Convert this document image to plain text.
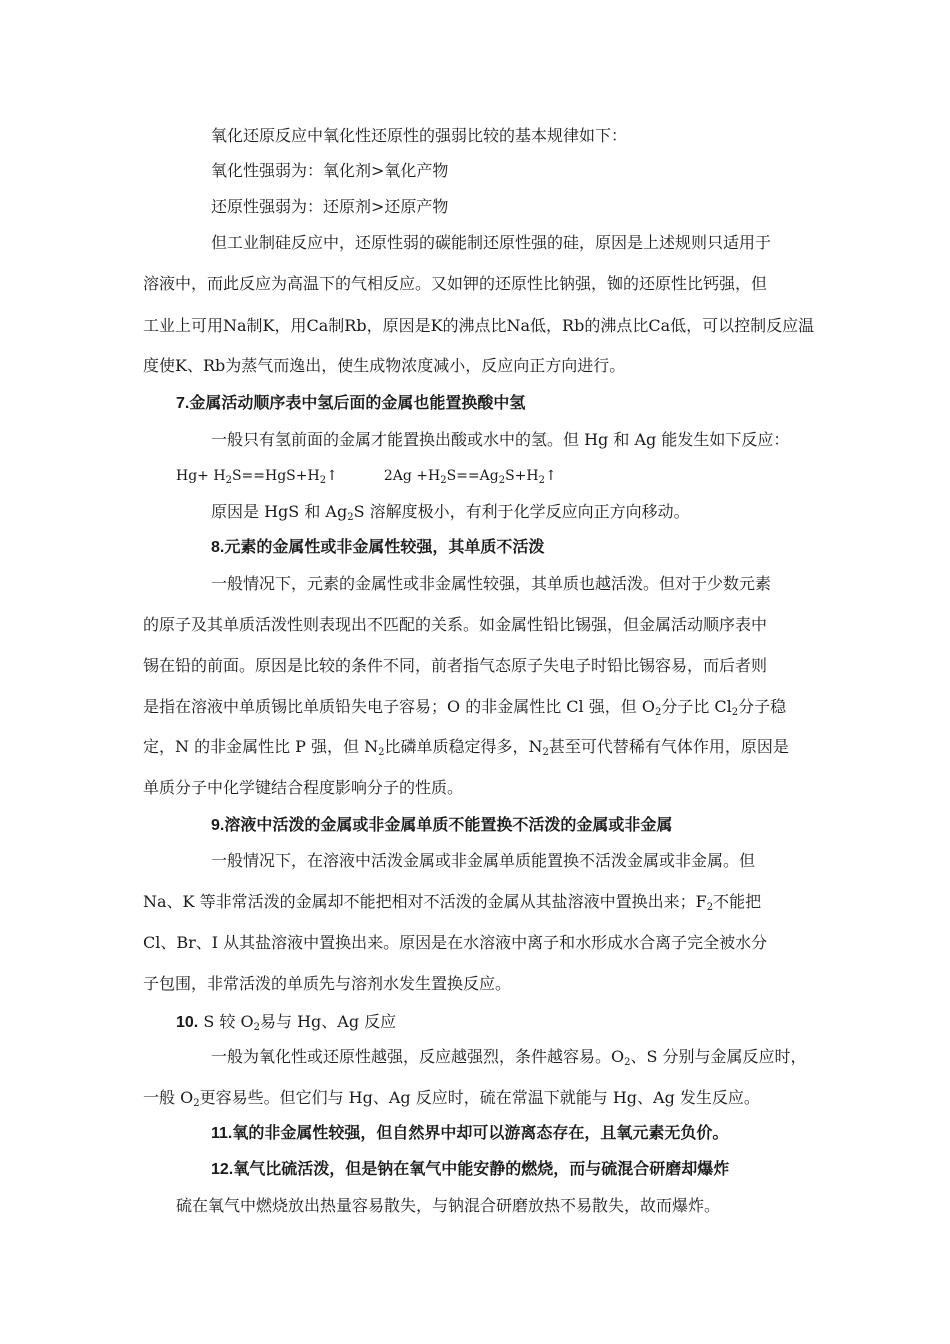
氧化还原反应中氧化性还原性的强弱比较的基本规律如下：
氧化性强弱为：氧化剂>氧化产物
还原性强弱为：还原剂>还原产物
但工业制硅反应中，还原性弱的碳能制还原性强的硅，原因是上述规则只适用于
溶液中，而此反应为高温下的气相反应。又如钾的还原性比钠强，铷的还原性比钙强，但
工业上可用Na制K，用Ca制Rb，原因是K的沸点比Na低，Rb的沸点比Ca低，可以控制反应温
度使K、Rb为蒸气而逸出，使生成物浓度减小，反应向正方向进行。
7.金属活动顺序表中氢后面的金属也能置换酸中氢
一般只有氢前面的金属才能置换出酸或水中的氢。但 Hg 和 Ag 能发生如下反应：
$Hg+ H_2S==HgS+H_2↑$	$2Ag +H_2S==Ag_2S+H_2↑$
原因是 HgS 和 $Ag_2S$ 溶解度极小，有利于化学反应向正方向移动。
8.元素的金属性或非金属性较强，其单质不活泼
一般情况下，元素的金属性或非金属性较强，其单质也越活泼。但对于少数元素
的原子及其单质活泼性则表现出不匹配的关系。如金属性铅比锡强，但金属活动顺序表中
锡在铅的前面。原因是比较的条件不同，前者指气态原子失电子时铅比锡容易，而后者则
是指在溶液中单质锡比单质铅失电子容易；O 的非金属性比 Cl 强，但 $O_2$分子比 $Cl_2$分子稳
定，N 的非金属性比 P 强，但 $N_2$比磷单质稳定得多，$N_2$甚至可代替稀有气体作用，原因是
单质分子中化学键结合程度影响分子的性质。
9.溶液中活泼的金属或非金属单质不能置换不活泼的金属或非金属
一般情况下，在溶液中活泼金属或非金属单质能置换不活泼金属或非金属。但
Na、K 等非常活泼的金属却不能把相对不活泼的金属从其盐溶液中置换出来；$F_2$不能把
Cl、Br、I 从其盐溶液中置换出来。原因是在水溶液中离子和水形成水合离子完全被水分
子包围，非常活泼的单质先与溶剂水发生置换反应。
10. S 较 $O_2$易与 Hg、Ag 反应
一般为氧化性或还原性越强，反应越强烈，条件越容易。$O_2$、S 分别与金属反应时，
一般 $O_2$更容易些。但它们与 Hg、Ag 反应时，硫在常温下就能与 Hg、Ag 发生反应。
11.氧的非金属性较强，但自然界中却可以游离态存在，且氧元素无负价。
12.氧气比硫活泼，但是钠在氧气中能安静的燃烧，而与硫混合研磨却爆炸
硫在氧气中燃烧放出热量容易散失，与钠混合研磨放热不易散失，故而爆炸。
